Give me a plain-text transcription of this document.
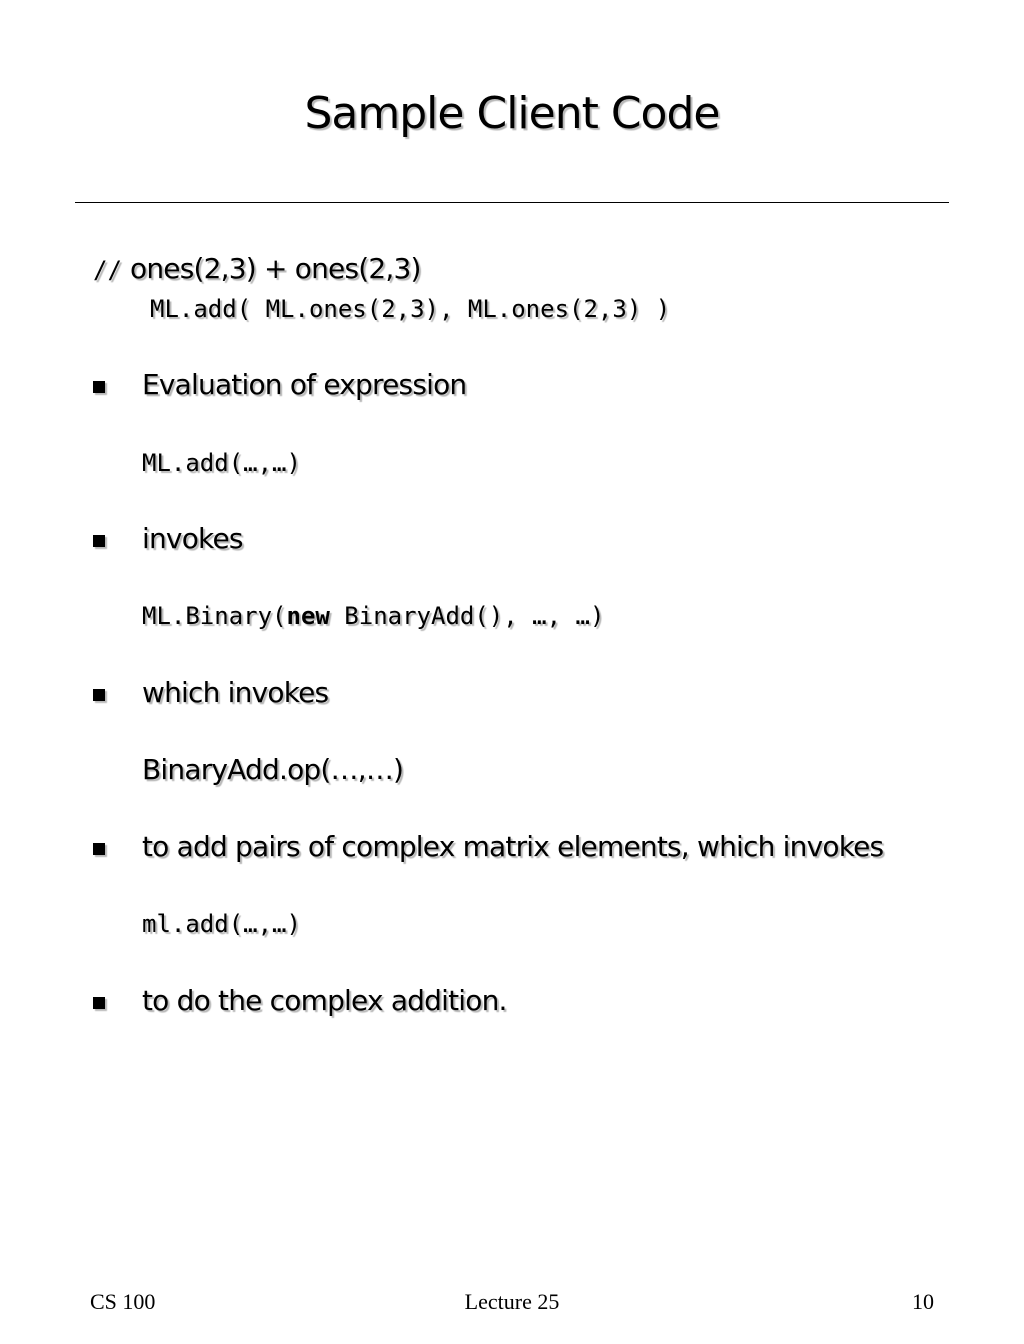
Sample Client Code
// ones(2,3) + ones(2,3)
ML.add( ML.ones(2,3), ML.ones(2,3) )
Evaluation of expression
ML.add(…,…)
invokes
ML.Binary(new BinaryAdd(), …, …)
which invokes
BinaryAdd.op(…,…)
to add pairs of complex matrix elements, which invokes
ml.add(…,…)
to do the complex addition.
CS 100	Lecture 25	10
